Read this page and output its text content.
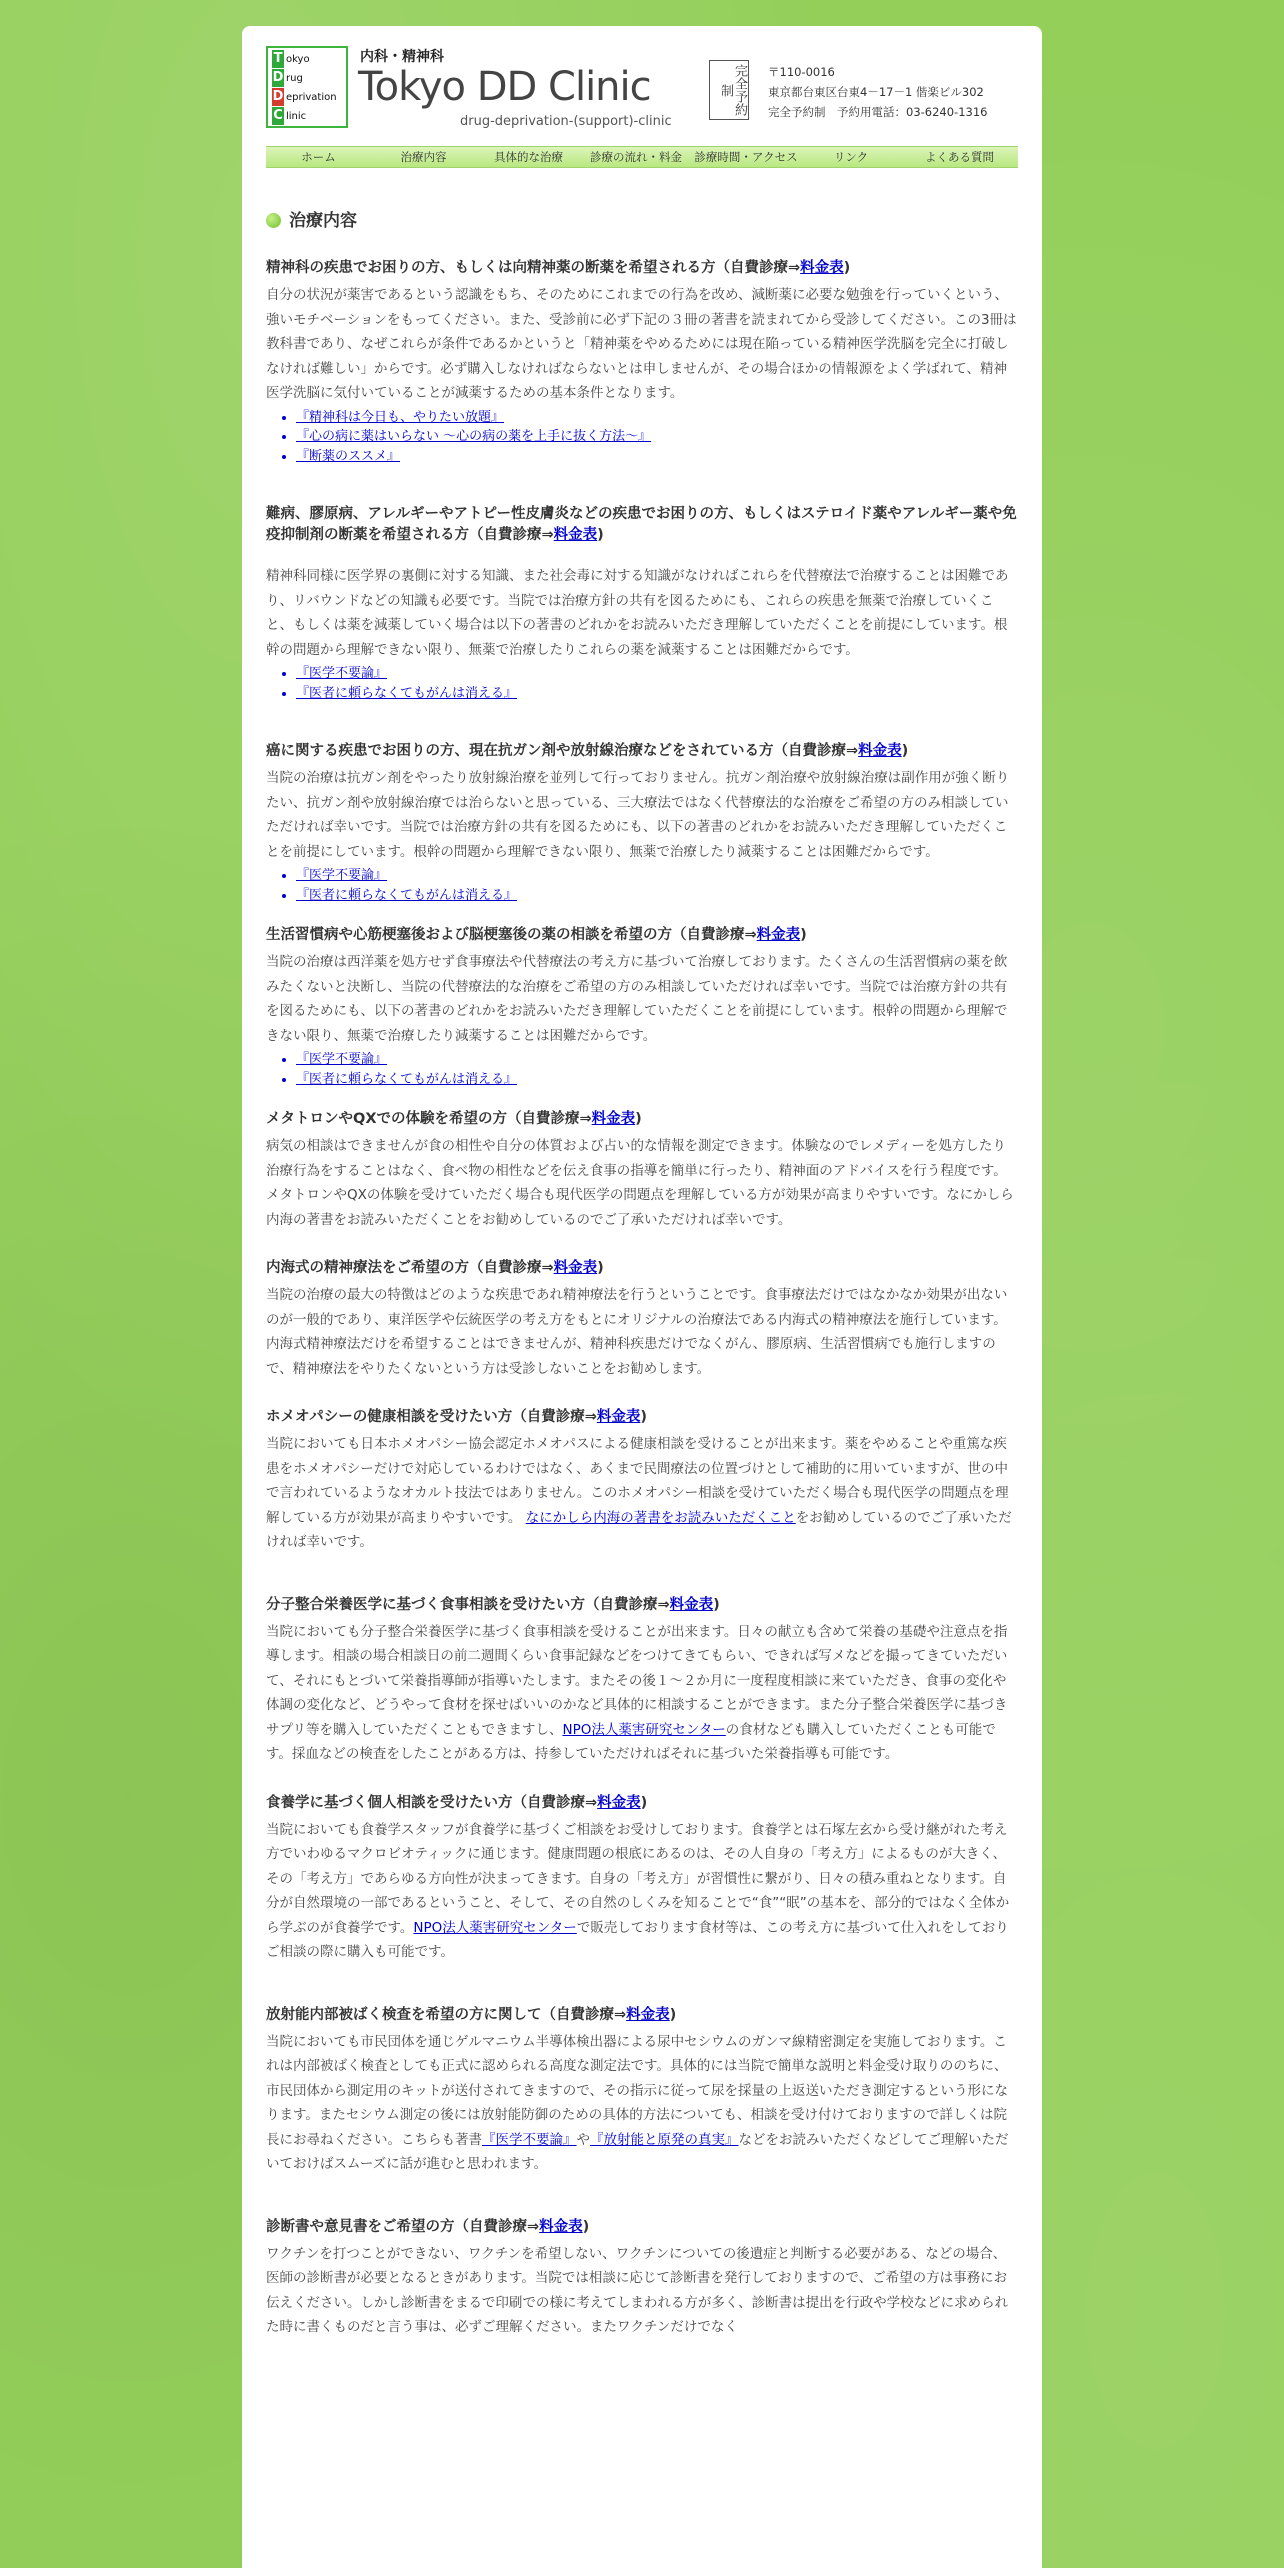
T okyo
D rug
D eprivation
C linic
内科・精神科
Tokyo DD Clinic
drug-deprivation-(support)-clinic
完全予約制
〒110-0016
東京都台東区台東4－17－1 偕楽ビル302
完全予約制　予約用電話：03-6240-1316
ホーム	治療内容	具体的な治療	診療の流れ・料金	診療時間・アクセス	リンク	よくある質問
治療内容
精神科の疾患でお困りの方、もしくは向精神薬の断薬を希望される方（自費診療⇒料金表)

自分の状況が薬害であるという認識をもち、そのためにこれまでの行為を改め、減断薬に必要な勉強を行っていくという、強いモチベーションをもってください。また、受診前に必ず下記の３冊の著書を読まれてから受診してください。この3冊は教科書であり、なぜこれらが条件であるかというと「精神薬をやめるためには現在陥っている精神医学洗脳を完全に打破しなければ難しい」からです。必ず購入しなければならないとは申しませんが、その場合ほかの情報源をよく学ばれて、精神医学洗脳に気付いていることが減薬するための基本条件となります。

• 『精神科は今日も、やりたい放題』
• 『心の病に薬はいらない ～心の病の薬を上手に抜く方法～』
• 『断薬のススメ』
難病、膠原病、アレルギーやアトピー性皮膚炎などの疾患でお困りの方、もしくはステロイド薬やアレルギー薬や免疫抑制剤の断薬を希望される方（自費診療⇒料金表)

精神科同様に医学界の裏側に対する知識、また社会毒に対する知識がなければこれらを代替療法で治療することは困難であり、リバウンドなどの知識も必要です。当院では治療方針の共有を図るためにも、これらの疾患を無薬で治療していくこと、もしくは薬を減薬していく場合は以下の著書のどれかをお読みいただき理解していただくことを前提にしています。根幹の問題から理解できない限り、無薬で治療したりこれらの薬を減薬することは困難だからです。

• 『医学不要論』
• 『医者に頼らなくてもがんは消える』
癌に関する疾患でお困りの方、現在抗ガン剤や放射線治療などをされている方（自費診療⇒料金表)

当院の治療は抗ガン剤をやったり放射線治療を並列して行っておりません。抗ガン剤治療や放射線治療は副作用が強く断りたい、抗ガン剤や放射線治療では治らないと思っている、三大療法ではなく代替療法的な治療をご希望の方のみ相談していただければ幸いです。当院では治療方針の共有を図るためにも、以下の著書のどれかをお読みいただき理解していただくことを前提にしています。根幹の問題から理解できない限り、無薬で治療したり減薬することは困難だからです。

• 『医学不要論』
• 『医者に頼らなくてもがんは消える』
生活習慣病や心筋梗塞後および脳梗塞後の薬の相談を希望の方（自費診療⇒料金表)

当院の治療は西洋薬を処方せず食事療法や代替療法の考え方に基づいて治療しております。たくさんの生活習慣病の薬を飲みたくないと決断し、当院の代替療法的な治療をご希望の方のみ相談していただければ幸いです。当院では治療方針の共有を図るためにも、以下の著書のどれかをお読みいただき理解していただくことを前提にしています。根幹の問題から理解できない限り、無薬で治療したり減薬することは困難だからです。

• 『医学不要論』
• 『医者に頼らなくてもがんは消える』
メタトロンやQXでの体験を希望の方（自費診療⇒料金表)

病気の相談はできませんが食の相性や自分の体質および占い的な情報を測定できます。体験なのでレメディーを処方したり治療行為をすることはなく、食べ物の相性などを伝え食事の指導を簡単に行ったり、精神面のアドバイスを行う程度です。メタトロンやQXの体験を受けていただく場合も現代医学の問題点を理解している方が効果が高まりやすいです。なにかしら内海の著書をお読みいただくことをお勧めしているのでご了承いただければ幸いです。

内海式の精神療法をご希望の方（自費診療⇒料金表)

当院の治療の最大の特徴はどのような疾患であれ精神療法を行うということです。食事療法だけではなかなか効果が出ないのが一般的であり、東洋医学や伝統医学の考え方をもとにオリジナルの治療法である内海式の精神療法を施行しています。内海式精神療法だけを希望することはできませんが、精神科疾患だけでなくがん、膠原病、生活習慣病でも施行しますので、精神療法をやりたくないという方は受診しないことをお勧めします。

ホメオパシーの健康相談を受けたい方（自費診療⇒料金表)

当院においても日本ホメオパシー協会認定ホメオパスによる健康相談を受けることが出来ます。薬をやめることや重篤な疾患をホメオパシーだけで対応しているわけではなく、あくまで民間療法の位置づけとして補助的に用いていますが、世の中で言われているようなオカルト技法ではありません。このホメオパシー相談を受けていただく場合も現代医学の問題点を理解している方が効果が高まりやすいです。 なにかしら内海の著書をお読みいただくことをお勧めしているのでご了承いただければ幸いです。

分子整合栄養医学に基づく食事相談を受けたい方（自費診療⇒料金表)

当院においても分子整合栄養医学に基づく食事相談を受けることが出来ます。日々の献立も含めて栄養の基礎や注意点を指導します。相談の場合相談日の前二週間くらい食事記録などをつけてきてもらい、できれば写メなどを撮ってきていただいて、それにもとづいて栄養指導師が指導いたします。またその後１～２か月に一度程度相談に来ていただき、食事の変化や体調の変化など、どうやって食材を探せばいいのかなど具体的に相談することができます。また分子整合栄養医学に基づきサプリ等を購入していただくこともできますし、NPO法人薬害研究センターの食材なども購入していただくことも可能です。採血などの検査をしたことがある方は、持参していただければそれに基づいた栄養指導も可能です。

食養学に基づく個人相談を受けたい方（自費診療⇒料金表)

当院においても食養学スタッフが食養学に基づくご相談をお受けしております。食養学とは石塚左玄から受け継がれた考え方でいわゆるマクロビオティックに通じます。健康問題の根底にあるのは、その人自身の「考え方」によるものが大きく、その「考え方」であらゆる方向性が決まってきます。自身の「考え方」が習慣性に繋がり、日々の積み重ねとなります。自分が自然環境の一部であるということ、そして、その自然のしくみを知ることで“食”“眠”の基本を、部分的ではなく全体から学ぶのが食養学です。NPO法人薬害研究センターで販売しております食材等は、この考え方に基づいて仕入れをしておりご相談の際に購入も可能です。

放射能内部被ばく検査を希望の方に関して（自費診療⇒料金表)

当院においても市民団体を通じゲルマニウム半導体検出器による尿中セシウムのガンマ線精密測定を実施しております。これは内部被ばく検査としても正式に認められる高度な測定法です。具体的には当院で簡単な説明と料金受け取りののちに、市民団体から測定用のキットが送付されてきますので、その指示に従って尿を採量の上返送いただき測定するという形になります。またセシウム測定の後には放射能防御のための具体的方法についても、相談を受け付けておりますので詳しくは院長にお尋ねください。こちらも著書『医学不要論』や『放射能と原発の真実』などをお読みいただくなどしてご理解いただいておけばスムーズに話が進むと思われます。

診断書や意見書をご希望の方（自費診療⇒料金表)

ワクチンを打つことができない、ワクチンを希望しない、ワクチンについての後遺症と判断する必要がある、などの場合、医師の診断書が必要となるときがあります。当院では相談に応じて診断書を発行しておりますので、ご希望の方は事務にお伝えください。しかし診断書をまるで印刷での様に考えてしまわれる方が多く、診断書は提出を行政や学校などに求められた時に書くものだと言う事は、必ずご理解ください。またワクチンだけでなく
